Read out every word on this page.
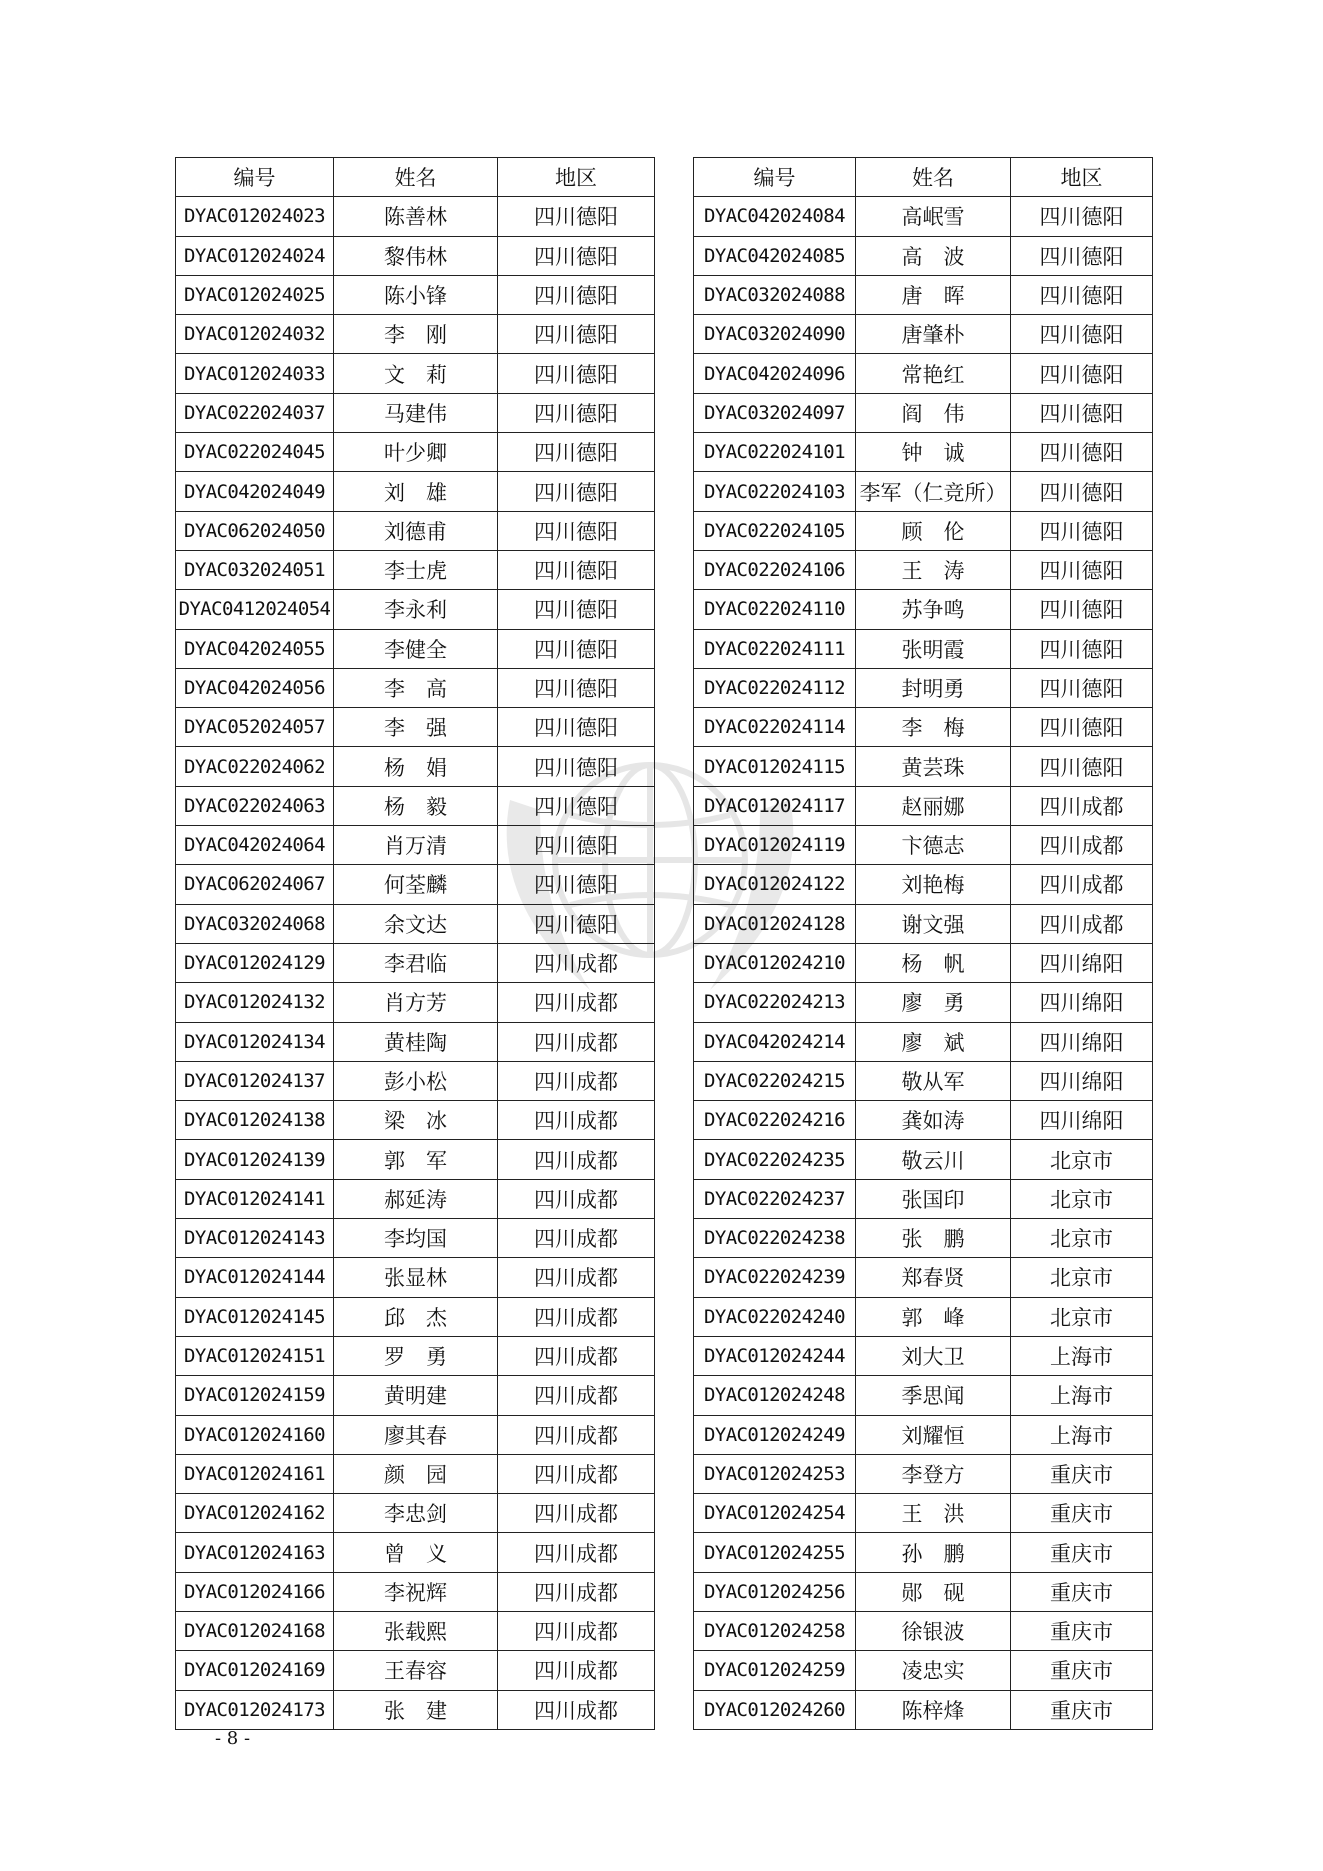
编号	姓名	地区		编号	姓名	地区
DYAC012024023	陈善林	四川德阳		DYAC042024084	高岷雪	四川德阳
DYAC012024024	黎伟林	四川德阳		DYAC042024085	高　波	四川德阳
DYAC012024025	陈小锋	四川德阳		DYAC032024088	唐　晖	四川德阳
DYAC012024032	李　刚	四川德阳		DYAC032024090	唐肇朴	四川德阳
DYAC012024033	文　莉	四川德阳		DYAC042024096	常艳红	四川德阳
DYAC022024037	马建伟	四川德阳		DYAC032024097	阎　伟	四川德阳
DYAC022024045	叶少卿	四川德阳		DYAC022024101	钟　诚	四川德阳
DYAC042024049	刘　雄	四川德阳		DYAC022024103	李军（仁竞所）	四川德阳
DYAC062024050	刘德甫	四川德阳		DYAC022024105	顾　伦	四川德阳
DYAC032024051	李士虎	四川德阳		DYAC022024106	王　涛	四川德阳
DYAC0412024054	李永利	四川德阳		DYAC022024110	苏争鸣	四川德阳
DYAC042024055	李健全	四川德阳		DYAC022024111	张明霞	四川德阳
DYAC042024056	李　高	四川德阳		DYAC022024112	封明勇	四川德阳
DYAC052024057	李　强	四川德阳		DYAC022024114	李　梅	四川德阳
DYAC022024062	杨　娟	四川德阳		DYAC012024115	黄芸珠	四川德阳
DYAC022024063	杨　毅	四川德阳		DYAC012024117	赵丽娜	四川成都
DYAC042024064	肖万清	四川德阳		DYAC012024119	卞德志	四川成都
DYAC062024067	何荃麟	四川德阳		DYAC012024122	刘艳梅	四川成都
DYAC032024068	余文达	四川德阳		DYAC012024128	谢文强	四川成都
DYAC012024129	李君临	四川成都		DYAC012024210	杨　帆	四川绵阳
DYAC012024132	肖方芳	四川成都		DYAC022024213	廖　勇	四川绵阳
DYAC012024134	黄桂陶	四川成都		DYAC042024214	廖　斌	四川绵阳
DYAC012024137	彭小松	四川成都		DYAC022024215	敬从军	四川绵阳
DYAC012024138	梁　冰	四川成都		DYAC022024216	龚如涛	四川绵阳
DYAC012024139	郭　军	四川成都		DYAC022024235	敬云川	北京市
DYAC012024141	郝延涛	四川成都		DYAC022024237	张国印	北京市
DYAC012024143	李均国	四川成都		DYAC022024238	张　鹏	北京市
DYAC012024144	张显林	四川成都		DYAC022024239	郑春贤	北京市
DYAC012024145	邱　杰	四川成都		DYAC022024240	郭　峰	北京市
DYAC012024151	罗　勇	四川成都		DYAC012024244	刘大卫	上海市
DYAC012024159	黄明建	四川成都		DYAC012024248	季思闻	上海市
DYAC012024160	廖其春	四川成都		DYAC012024249	刘耀恒	上海市
DYAC012024161	颜　园	四川成都		DYAC012024253	李登方	重庆市
DYAC012024162	李忠剑	四川成都		DYAC012024254	王　洪	重庆市
DYAC012024163	曾　义	四川成都		DYAC012024255	孙　鹏	重庆市
DYAC012024166	李祝辉	四川成都		DYAC012024256	郧　砚	重庆市
DYAC012024168	张载熙	四川成都		DYAC012024258	徐银波	重庆市
DYAC012024169	王春容	四川成都		DYAC012024259	凌忠实	重庆市
DYAC012024173	张　建	四川成都		DYAC012024260	陈梓烽	重庆市
- 8 -
